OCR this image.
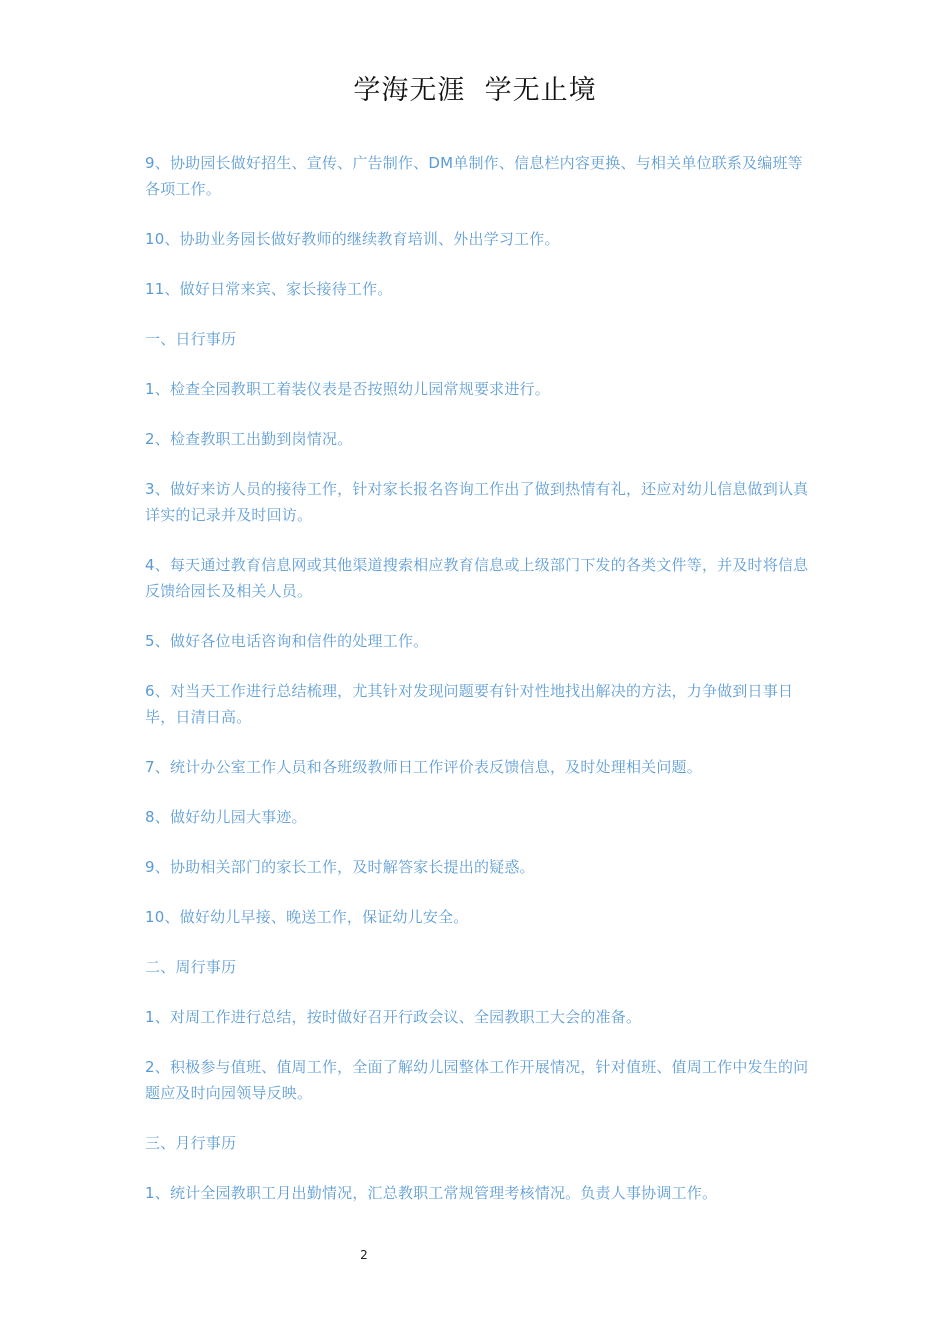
学海无涯  学无止境

9、协助园长做好招生、宣传、广告制作、DM单制作、信息栏内容更换、与相关单位联系及编班等各项工作。

10、协助业务园长做好教师的继续教育培训、外出学习工作。

11、做好日常来宾、家长接待工作。

一、日行事历

1、检查全园教职工着装仪表是否按照幼儿园常规要求进行。

2、检查教职工出勤到岗情况。

3、做好来访人员的接待工作，针对家长报名咨询工作出了做到热情有礼，还应对幼儿信息做到认真详实的记录并及时回访。

4、每天通过教育信息网或其他渠道搜索相应教育信息或上级部门下发的各类文件等，并及时将信息反馈给园长及相关人员。

5、做好各位电话咨询和信件的处理工作。

6、对当天工作进行总结梳理，尤其针对发现问题要有针对性地找出解决的方法，力争做到日事日毕，日清日高。

7、统计办公室工作人员和各班级教师日工作评价表反馈信息，及时处理相关问题。

8、做好幼儿园大事迹。

9、协助相关部门的家长工作，及时解答家长提出的疑惑。

10、做好幼儿早接、晚送工作，保证幼儿安全。

二、周行事历

1、对周工作进行总结，按时做好召开行政会议、全园教职工大会的准备。

2、积极参与值班、值周工作，全面了解幼儿园整体工作开展情况，针对值班、值周工作中发生的问题应及时向园领导反映。

三、月行事历

1、统计全园教职工月出勤情况，汇总教职工常规管理考核情况。负责人事协调工作。

2
